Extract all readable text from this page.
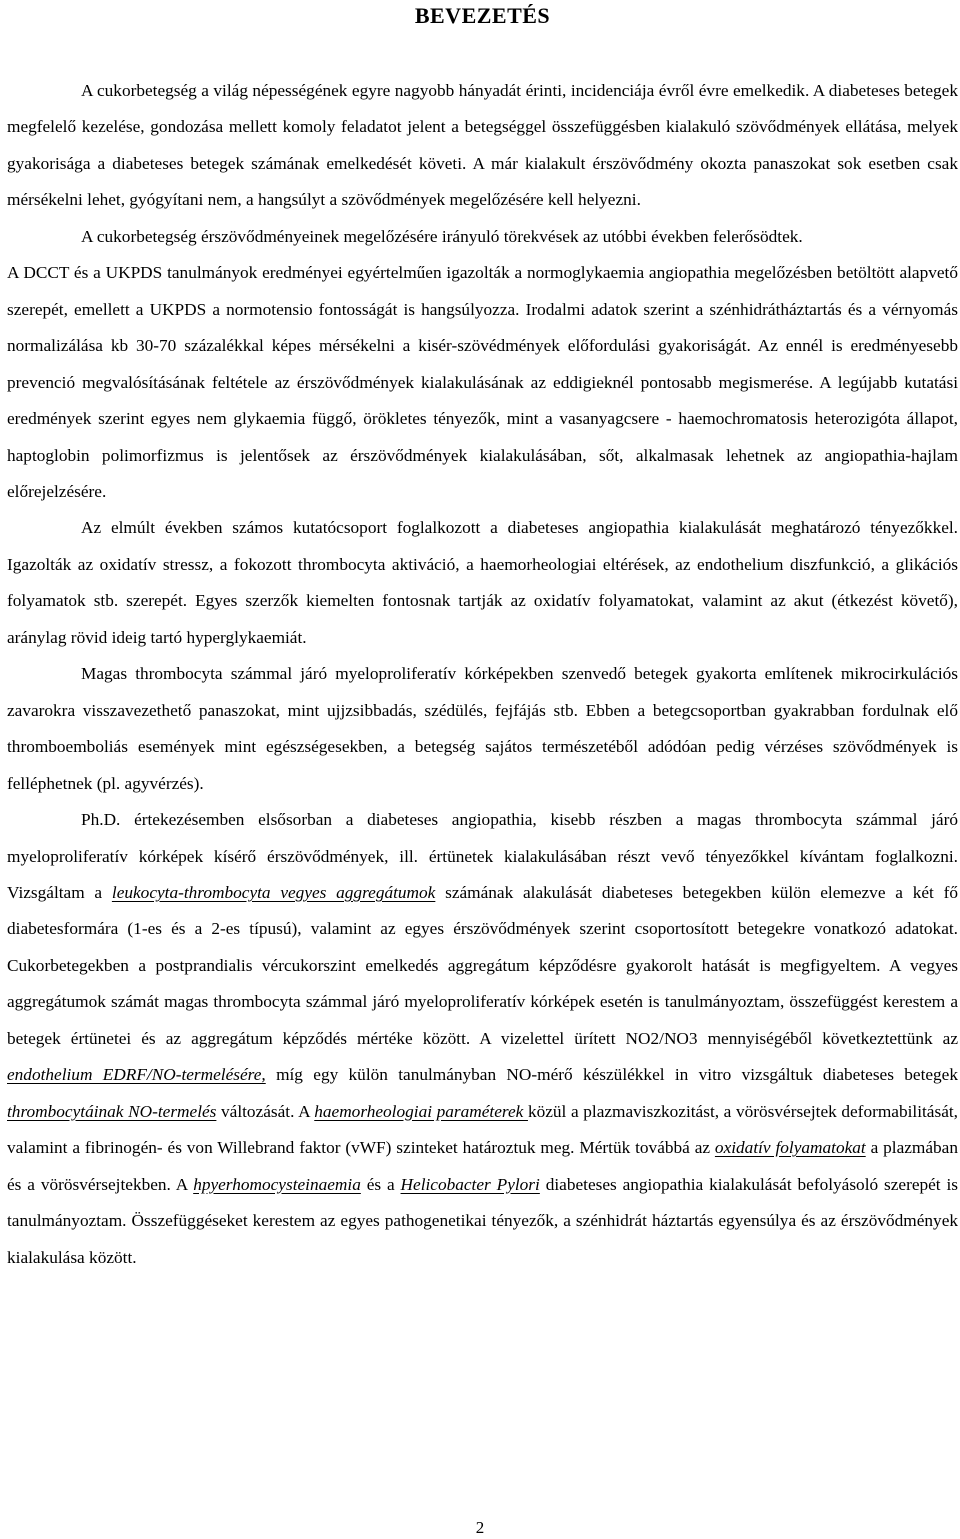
BEVEZETÉS

A cukorbetegség a világ népességének egyre nagyobb hányadát érinti, incidenciája évről évre emelkedik. A diabeteses betegek megfelelő kezelése, gondozása mellett komoly feladatot jelent a betegséggel összefüggésben kialakuló szövődmények ellátása, melyek gyakorisága a diabeteses betegek számának emelkedését követi. A már kialakult érszövődmény okozta panaszokat sok esetben csak mérsékelni lehet, gyógyítani nem, a hangsúlyt a szövődmények megelőzésére kell helyezni.

A cukorbetegség érszövődményeinek megelőzésére irányuló törekvések az utóbbi években felerősödtek.

A DCCT és a UKPDS tanulmányok eredményei egyértelműen igazolták a normoglykaemia angiopathia megelőzésben betöltött alapvető szerepét, emellett a UKPDS a normotensio fontosságát is hangsúlyozza. Irodalmi adatok szerint a szénhidrátháztartás és a vérnyomás normalizálása kb 30-70 százalékkal képes mérsékelni a kisér-szövédmények előfordulási gyakoriságát. Az ennél is eredményesebb prevenció megvalósításának feltétele az érszövődmények kialakulásának az eddigieknél pontosabb megismerése. A legújabb kutatási eredmények szerint egyes nem glykaemia függő, örökletes tényezők, mint a vasanyagcsere - haemochromatosis heterozigóta állapot, haptoglobin polimorfizmus is jelentősek az érszövődmények kialakulásában, sőt, alkalmasak lehetnek az angiopathia-hajlam előrejelzésére.

Az elmúlt években számos kutatócsoport foglalkozott a diabeteses angiopathia kialakulását meghatározó tényezőkkel. Igazolták az oxidatív stressz, a fokozott thrombocyta aktiváció, a haemorheologiai eltérések, az endothelium diszfunkció, a glikációs folyamatok stb. szerepét. Egyes szerzők kiemelten fontosnak tartják az oxidatív folyamatokat, valamint az akut (étkezést követő), aránylag rövid ideig tartó hyperglykaemiát.

Magas thrombocyta számmal járó myeloproliferatív kórképekben szenvedő betegek gyakorta említenek mikrocirkulációs zavarokra visszavezethető panaszokat, mint ujjzsibbadás, szédülés, fejfájás stb. Ebben a betegcsoportban gyakrabban fordulnak elő thromboemboliás események mint egészségesekben, a betegség sajátos természetéből adódóan pedig vérzéses szövődmények is felléphetnek (pl. agyvérzés).

Ph.D. értekezésemben elsősorban a diabeteses angiopathia, kisebb részben a magas thrombocyta számmal járó myeloproliferatív kórképek kísérő érszövődmények, ill. értünetek kialakulásában részt vevő tényezőkkel kívántam foglalkozni. Vizsgáltam a leukocyta-thrombocyta vegyes aggregátumok számának alakulását diabeteses betegekben külön elemezve a két fő diabetesformára (1-es és a 2-es típusú), valamint az egyes érszövődmények szerint csoportosított betegekre vonatkozó adatokat. Cukorbetegekben a postprandialis vércukorszint emelkedés aggregátum képződésre gyakorolt hatását is megfigyeltem. A vegyes aggregátumok számát magas thrombocyta számmal járó myeloproliferatív kórképek esetén is tanulmányoztam, összefüggést kerestem a betegek értünetei és az aggregátum képződés mértéke között. A vizelettel ürített NO2/NO3 mennyiségéből következtettünk az endothelium EDRF/NO-termelésére, míg egy külön tanulmányban NO-mérő készülékkel in vitro vizsgáltuk diabeteses betegek thrombocytáinak NO-termelés változását. A haemorheologiai paraméterek közül a plazmaviszkozitást, a vörösvérsejtek deformabilitását, valamint a fibrinogén- és von Willebrand faktor (vWF) szinteket határoztuk meg. Mértük továbbá az oxidatív folyamatokat a plazmában és a vörösvérsejtekben. A hpyerhomocysteinaemia és a Helicobacter Pylori diabeteses angiopathia kialakulását befolyásoló szerepét is tanulmányoztam. Összefüggéseket kerestem az egyes pathogenetikai tényezők, a szénhidrát háztartás egyensúlya és az érszövődmények kialakulása között.

2
